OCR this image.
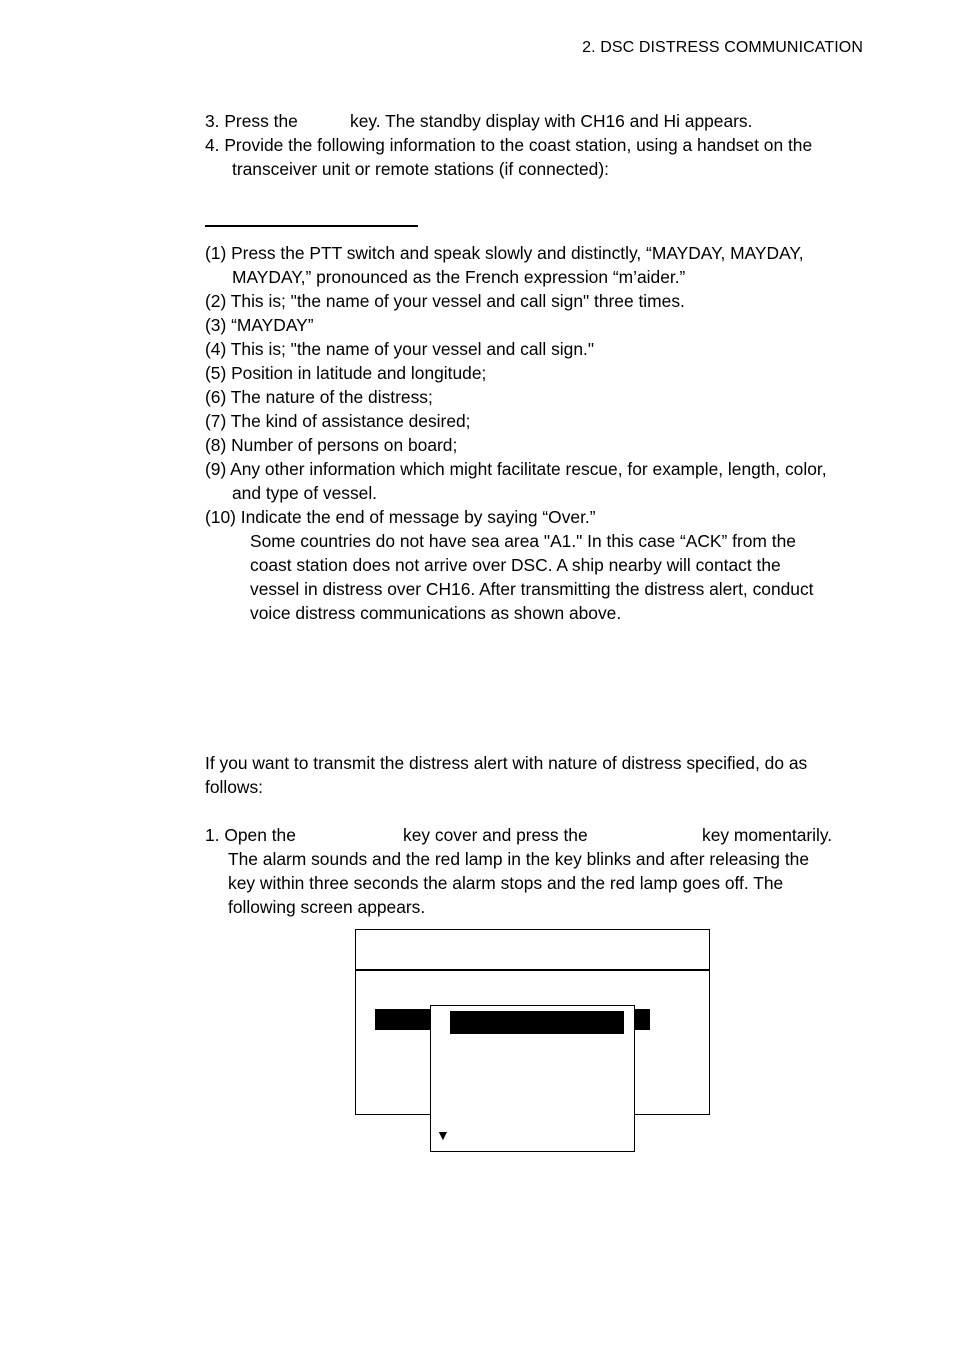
2. DSC DISTRESS COMMUNICATION
3. Press the	key. The standby display with CH16 and Hi appears.
4. Provide the following information to the coast station, using a handset on the
transceiver unit or remote stations (if connected):
(1) Press the PTT switch and speak slowly and distinctly, “MAYDAY, MAYDAY,
MAYDAY,” pronounced as the French expression “m’aider.”
(2) This is; "the name of your vessel and call sign" three times.
(3) “MAYDAY”
(4) This is; "the name of your vessel and call sign."
(5) Position in latitude and longitude;
(6) The nature of the distress;
(7) The kind of assistance desired;
(8) Number of persons on board;
(9) Any other information which might facilitate rescue, for example, length, color,
and type of vessel.
(10) Indicate the end of message by saying “Over.”
Some countries do not have sea area "A1." In this case “ACK” from the
coast station does not arrive over DSC. A ship nearby will contact the
vessel in distress over CH16. After transmitting the distress alert, conduct
voice distress communications as shown above.
If you want to transmit the distress alert with nature of distress specified, do as
follows:
1. Open the	key cover and press the	key momentarily.
The alarm sounds and the red lamp in the key blinks and after releasing the
key within three seconds the alarm stops and the red lamp goes off. The
following screen appears.
▼
